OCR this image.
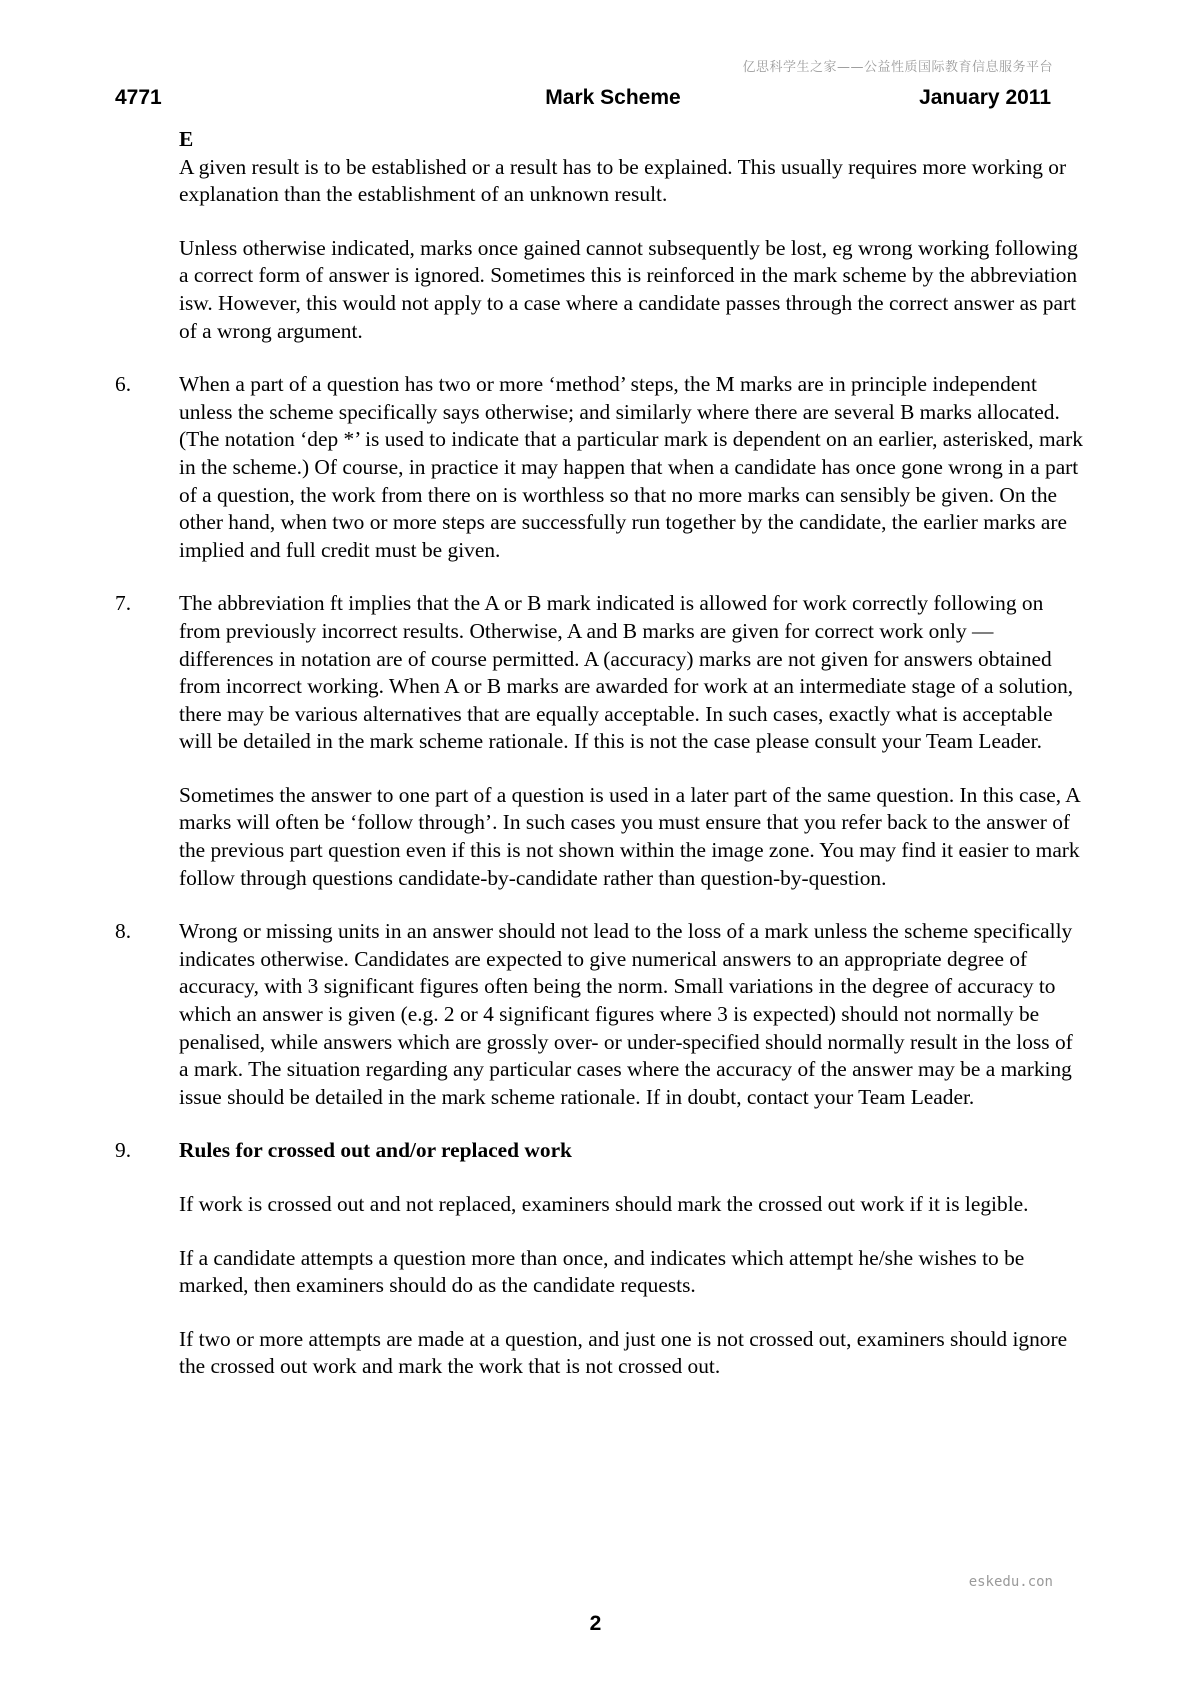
亿思科学生之家——公益性质国际教育信息服务平台
4771	Mark Scheme	January 2011

E

A given result is to be established or a result has to be explained. This usually requires more working or explanation than the establishment of an unknown result.

Unless otherwise indicated, marks once gained cannot subsequently be lost, eg wrong working following a correct form of answer is ignored. Sometimes this is reinforced in the mark scheme by the abbreviation isw. However, this would not apply to a case where a candidate passes through the correct answer as part of a wrong argument.

6. When a part of a question has two or more ‘method’ steps, the M marks are in principle independent unless the scheme specifically says otherwise; and similarly where there are several B marks allocated. (The notation ‘dep *’ is used to indicate that a particular mark is dependent on an earlier, asterisked, mark in the scheme.) Of course, in practice it may happen that when a candidate has once gone wrong in a part of a question, the work from there on is worthless so that no more marks can sensibly be given. On the other hand, when two or more steps are successfully run together by the candidate, the earlier marks are implied and full credit must be given.

7. The abbreviation ft implies that the A or B mark indicated is allowed for work correctly following on from previously incorrect results. Otherwise, A and B marks are given for correct work only — differences in notation are of course permitted. A (accuracy) marks are not given for answers obtained from incorrect working. When A or B marks are awarded for work at an intermediate stage of a solution, there may be various alternatives that are equally acceptable. In such cases, exactly what is acceptable will be detailed in the mark scheme rationale. If this is not the case please consult your Team Leader.

Sometimes the answer to one part of a question is used in a later part of the same question. In this case, A marks will often be ‘follow through’. In such cases you must ensure that you refer back to the answer of the previous part question even if this is not shown within the image zone. You may find it easier to mark follow through questions candidate-by-candidate rather than question-by-question.

8. Wrong or missing units in an answer should not lead to the loss of a mark unless the scheme specifically indicates otherwise. Candidates are expected to give numerical answers to an appropriate degree of accuracy, with 3 significant figures often being the norm. Small variations in the degree of accuracy to which an answer is given (e.g. 2 or 4 significant figures where 3 is expected) should not normally be penalised, while answers which are grossly over- or under-specified should normally result in the loss of a mark. The situation regarding any particular cases where the accuracy of the answer may be a marking issue should be detailed in the mark scheme rationale. If in doubt, contact your Team Leader.

9. Rules for crossed out and/or replaced work

If work is crossed out and not replaced, examiners should mark the crossed out work if it is legible.

If a candidate attempts a question more than once, and indicates which attempt he/she wishes to be marked, then examiners should do as the candidate requests.

If two or more attempts are made at a question, and just one is not crossed out, examiners should ignore the crossed out work and mark the work that is not crossed out.

eskedu.con
2
